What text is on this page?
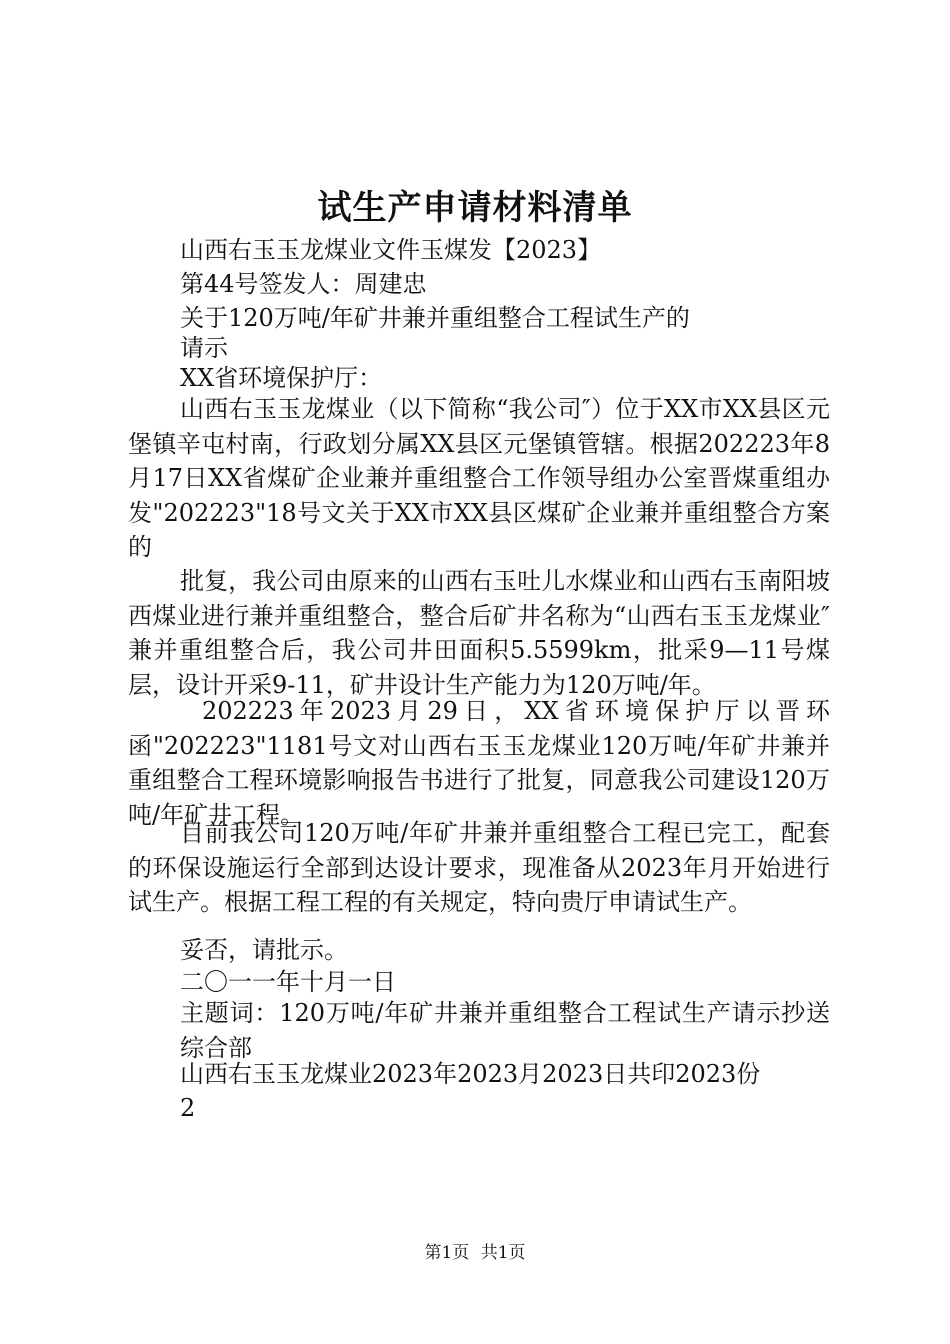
试生产申请材料清单
山西右玉玉龙煤业文件玉煤发【2023】
第44号签发人：周建忠
关于120万吨/年矿井兼并重组整合工程试生产的
请示
XX省环境保护厅：
山西右玉玉龙煤业（以下简称“我公司″）位于XX市XX县区元堡镇辛屯村南，行政划分属XX县区元堡镇管辖。根据202223年8月17日XX省煤矿企业兼并重组整合工作领导组办公室晋煤重组办发"202223"18号文关于XX市XX县区煤矿企业兼并重组整合方案的
批复，我公司由原来的山西右玉吐儿水煤业和山西右玉南阳坡西煤业进行兼并重组整合，整合后矿井名称为“山西右玉玉龙煤业″兼并重组整合后，我公司井田面积5.5599km，批采9—11号煤层，设计开采9-11，矿井设计生产能力为120万吨/年。
202223年2023月29日，XX省环境保护厅以晋环函"202223"1181号文对山西右玉玉龙煤业120万吨/年矿井兼并重组整合工程环境影响报告书进行了批复，同意我公司建设120万吨/年矿井工程。
目前我公司120万吨/年矿井兼并重组整合工程已完工，配套的环保设施运行全部到达设计要求，现准备从2023年月开始进行试生产。根据工程工程的有关规定，特向贵厅申请试生产。
妥否，请批示。
二〇一一年十月一日
主题词：120万吨/年矿井兼并重组整合工程试生产请示抄送综合部
山西右玉玉龙煤业2023年2023月2023日共印2023份
2
第1页 共1页
